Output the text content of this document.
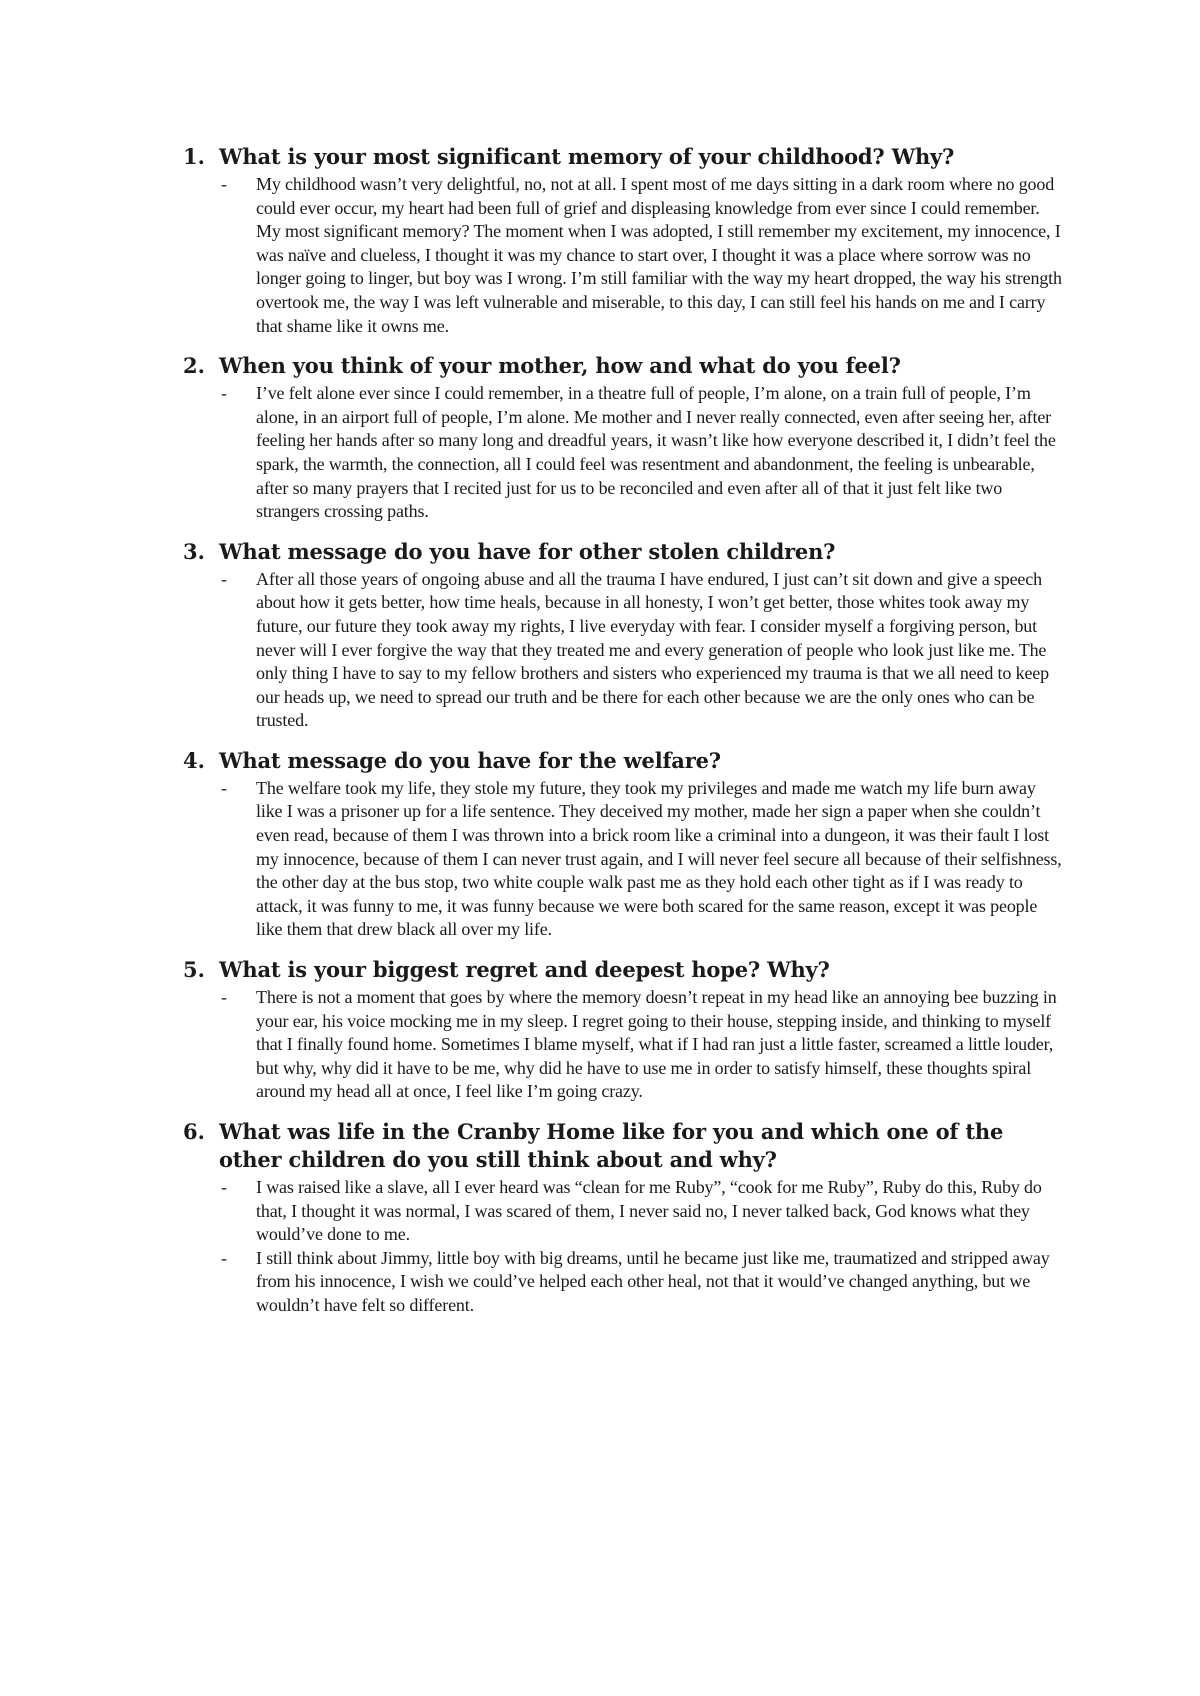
1. What is your most significant memory of your childhood? Why?
-	My childhood wasn’t very delightful, no, not at all. I spent most of me days sitting in a dark room where no good could ever occur, my heart had been full of grief and displeasing knowledge from ever since I could remember. My most significant memory? The moment when I was adopted, I still remember my excitement, my innocence, I was naïve and clueless, I thought it was my chance to start over, I thought it was a place where sorrow was no longer going to linger, but boy was I wrong. I’m still familiar with the way my heart dropped, the way his strength overtook me, the way I was left vulnerable and miserable, to this day, I can still feel his hands on me and I carry that shame like it owns me.
2. When you think of your mother, how and what do you feel?
-	I’ve felt alone ever since I could remember, in a theatre full of people, I’m alone, on a train full of people, I’m alone, in an airport full of people, I’m alone. Me mother and I never really connected, even after seeing her, after feeling her hands after so many long and dreadful years, it wasn’t like how everyone described it, I didn’t feel the spark, the warmth, the connection, all I could feel was resentment and abandonment, the feeling is unbearable, after so many prayers that I recited just for us to be reconciled and even after all of that it just felt like two strangers crossing paths.
3. What message do you have for other stolen children?
-	After all those years of ongoing abuse and all the trauma I have endured, I just can’t sit down and give a speech about how it gets better, how time heals, because in all honesty, I won’t get better, those whites took away my future, our future they took away my rights, I live everyday with fear. I consider myself a forgiving person, but never will I ever forgive the way that they treated me and every generation of people who look just like me. The only thing I have to say to my fellow brothers and sisters who experienced my trauma is that we all need to keep our heads up, we need to spread our truth and be there for each other because we are the only ones who can be trusted.
4. What message do you have for the welfare?
-	The welfare took my life, they stole my future, they took my privileges and made me watch my life burn away like I was a prisoner up for a life sentence. They deceived my mother, made her sign a paper when she couldn’t even read, because of them I was thrown into a brick room like a criminal into a dungeon, it was their fault I lost my innocence, because of them I can never trust again, and I will never feel secure all because of their selfishness, the other day at the bus stop, two white couple walk past me as they hold each other tight as if I was ready to attack, it was funny to me, it was funny because we were both scared for the same reason, except it was people like them that drew black all over my life.
5. What is your biggest regret and deepest hope? Why?
-	There is not a moment that goes by where the memory doesn’t repeat in my head like an annoying bee buzzing in your ear, his voice mocking me in my sleep. I regret going to their house, stepping inside, and thinking to myself that I finally found home. Sometimes I blame myself, what if I had ran just a little faster, screamed a little louder, but why, why did it have to be me, why did he have to use me in order to satisfy himself, these thoughts spiral around my head all at once, I feel like I’m going crazy.
6. What was life in the Cranby Home like for you and which one of the other children do you still think about and why?
-	I was raised like a slave, all I ever heard was “clean for me Ruby”, “cook for me Ruby”, Ruby do this, Ruby do that, I thought it was normal, I was scared of them, I never said no, I never talked back, God knows what they would’ve done to me.
-	I still think about Jimmy, little boy with big dreams, until he became just like me, traumatized and stripped away from his innocence, I wish we could’ve helped each other heal, not that it would’ve changed anything, but we wouldn’t have felt so different.
